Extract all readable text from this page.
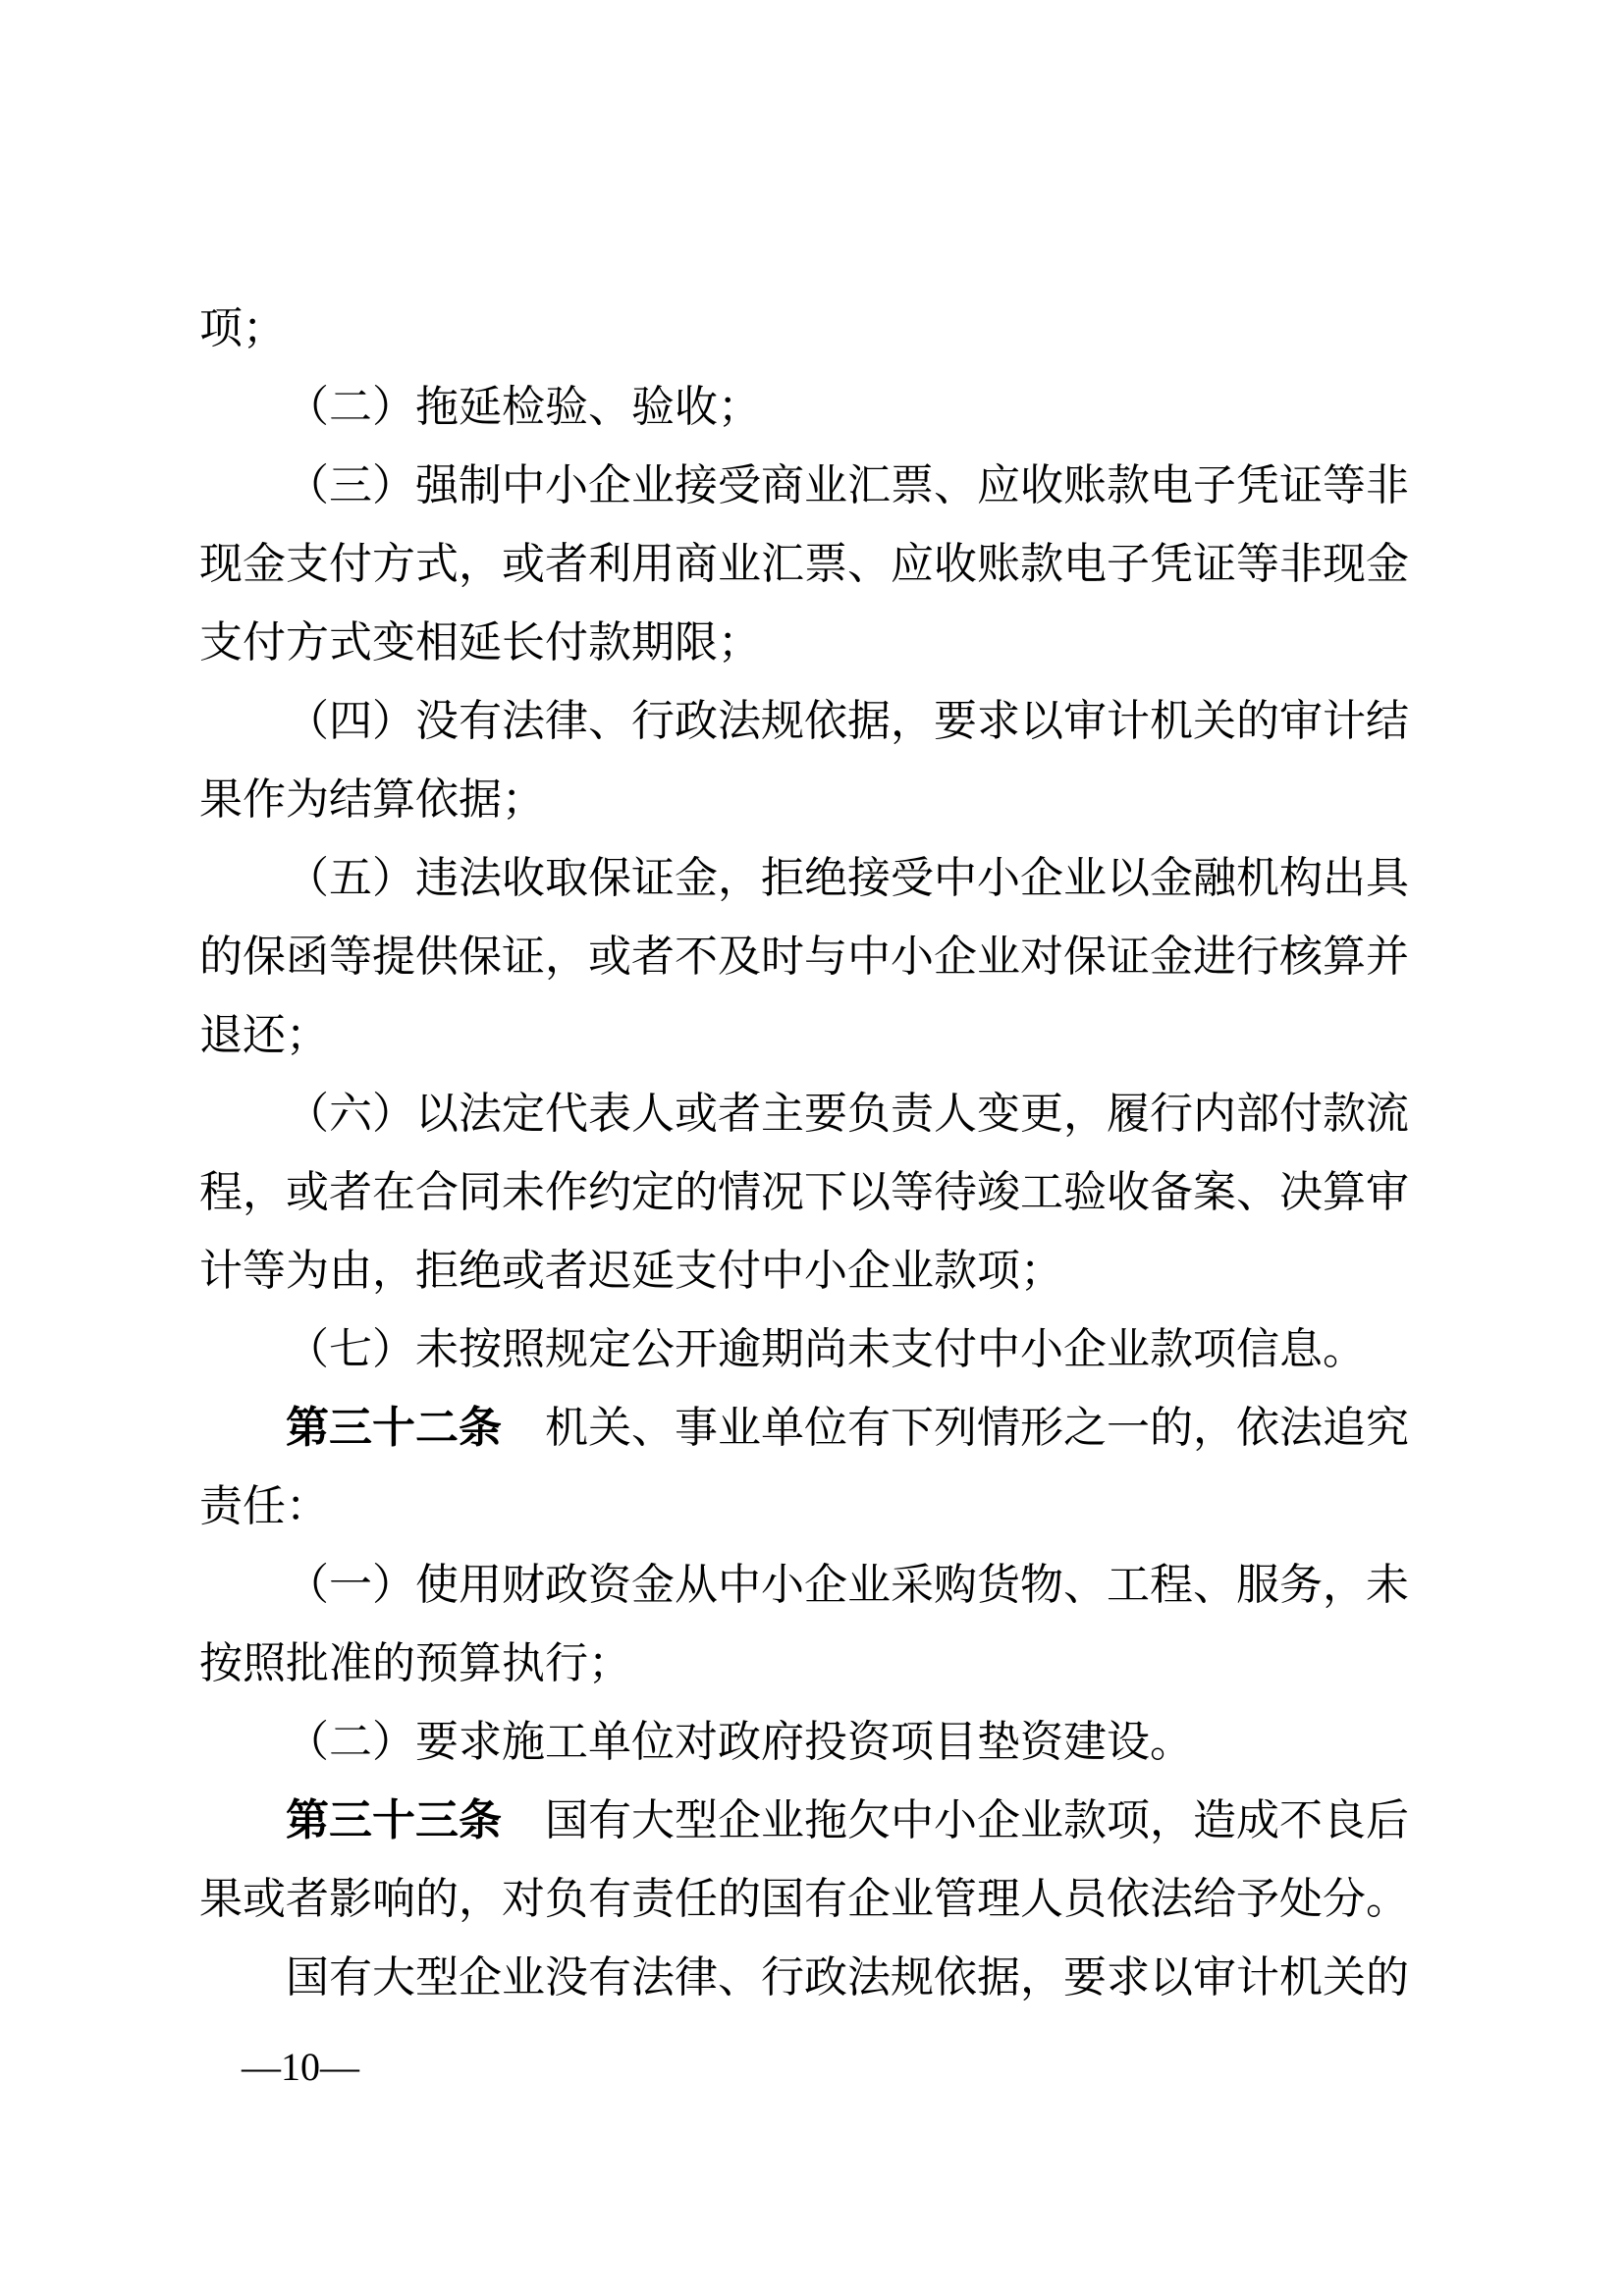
项；
（二）拖延检验、验收；
（三）强制中小企业接受商业汇票、应收账款电子凭证等非
现金支付方式，或者利用商业汇票、应收账款电子凭证等非现金
支付方式变相延长付款期限；
（四）没有法律、行政法规依据，要求以审计机关的审计结
果作为结算依据；
（五）违法收取保证金，拒绝接受中小企业以金融机构出具
的保函等提供保证，或者不及时与中小企业对保证金进行核算并
退还；
（六）以法定代表人或者主要负责人变更，履行内部付款流
程，或者在合同未作约定的情况下以等待竣工验收备案、决算审
计等为由，拒绝或者迟延支付中小企业款项；
（七）未按照规定公开逾期尚未支付中小企业款项信息。
第三十二条　机关、事业单位有下列情形之一的，依法追究
责任：
（一）使用财政资金从中小企业采购货物、工程、服务，未
按照批准的预算执行；
（二）要求施工单位对政府投资项目垫资建设。
第三十三条　国有大型企业拖欠中小企业款项，造成不良后
果或者影响的，对负有责任的国有企业管理人员依法给予处分。
国有大型企业没有法律、行政法规依据，要求以审计机关的
—10—
